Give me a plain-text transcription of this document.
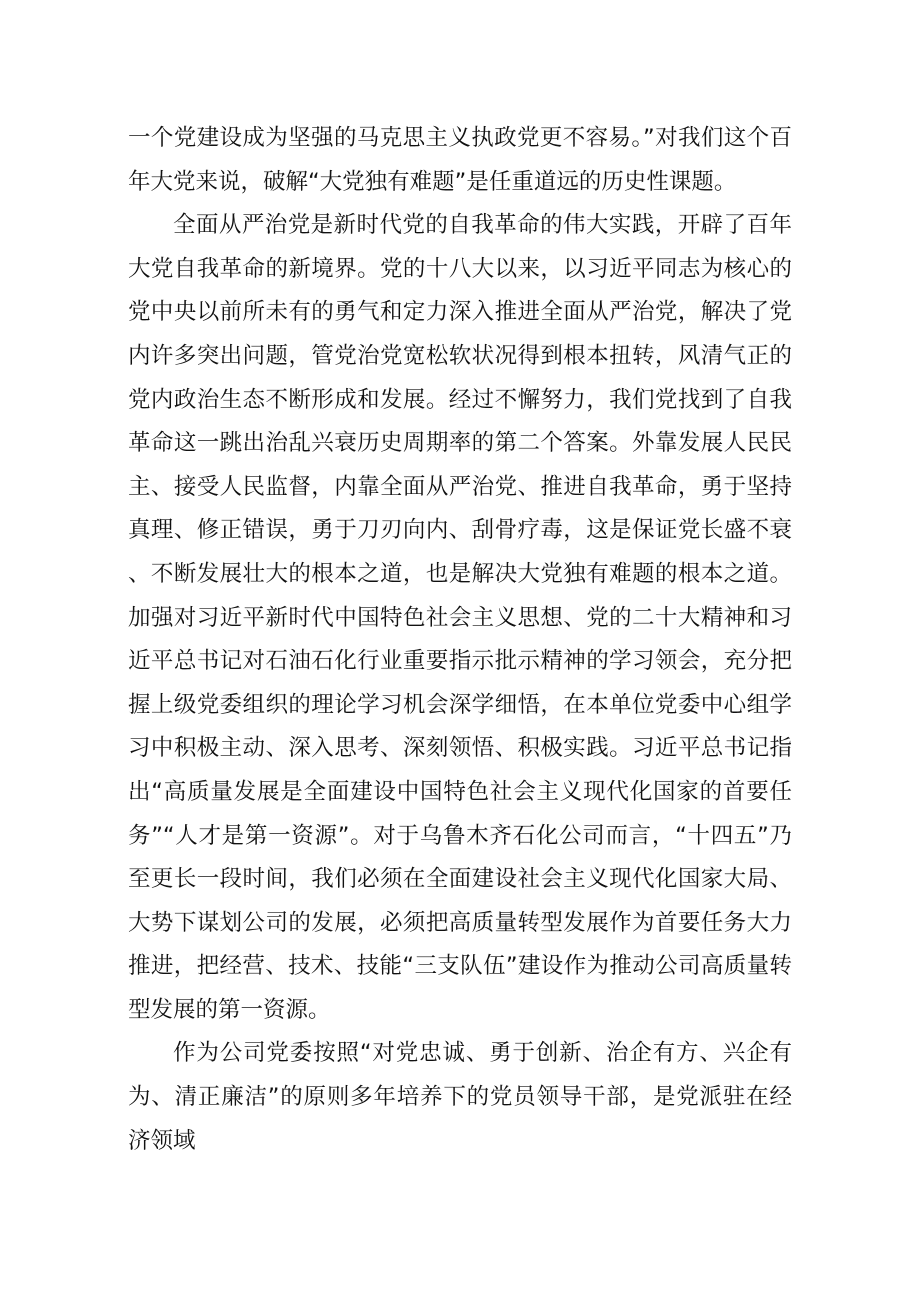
一个党建设成为坚强的马克思主义执政党更不容易。”对我们这个百年大党来说，破解“大党独有难题”是任重道远的历史性课题。

全面从严治党是新时代党的自我革命的伟大实践，开辟了百年大党自我革命的新境界。党的十八大以来，以习近平同志为核心的党中央以前所未有的勇气和定力深入推进全面从严治党，解决了党内许多突出问题，管党治党宽松软状况得到根本扭转，风清气正的党内政治生态不断形成和发展。经过不懈努力，我们党找到了自我革命这一跳出治乱兴衰历史周期率的第二个答案。外靠发展人民民主、接受人民监督，内靠全面从严治党、推进自我革命，勇于坚持真理、修正错误，勇于刀刃向内、刮骨疗毒，这是保证党长盛不衰、不断发展壮大的根本之道，也是解决大党独有难题的根本之道。加强对习近平新时代中国特色社会主义思想、党的二十大精神和习近平总书记对石油石化行业重要指示批示精神的学习领会，充分把握上级党委组织的理论学习机会深学细悟，在本单位党委中心组学习中积极主动、深入思考、深刻领悟、积极实践。习近平总书记指出“高质量发展是全面建设中国特色社会主义现代化国家的首要任务”“人才是第一资源”。对于乌鲁木齐石化公司而言，“十四五”乃至更长一段时间，我们必须在全面建设社会主义现代化国家大局、大势下谋划公司的发展，必须把高质量转型发展作为首要任务大力推进，把经营、技术、技能“三支队伍”建设作为推动公司高质量转型发展的第一资源。

作为公司党委按照“对党忠诚、勇于创新、治企有方、兴企有为、清正廉洁”的原则多年培养下的党员领导干部，是党派驻在经济领域
